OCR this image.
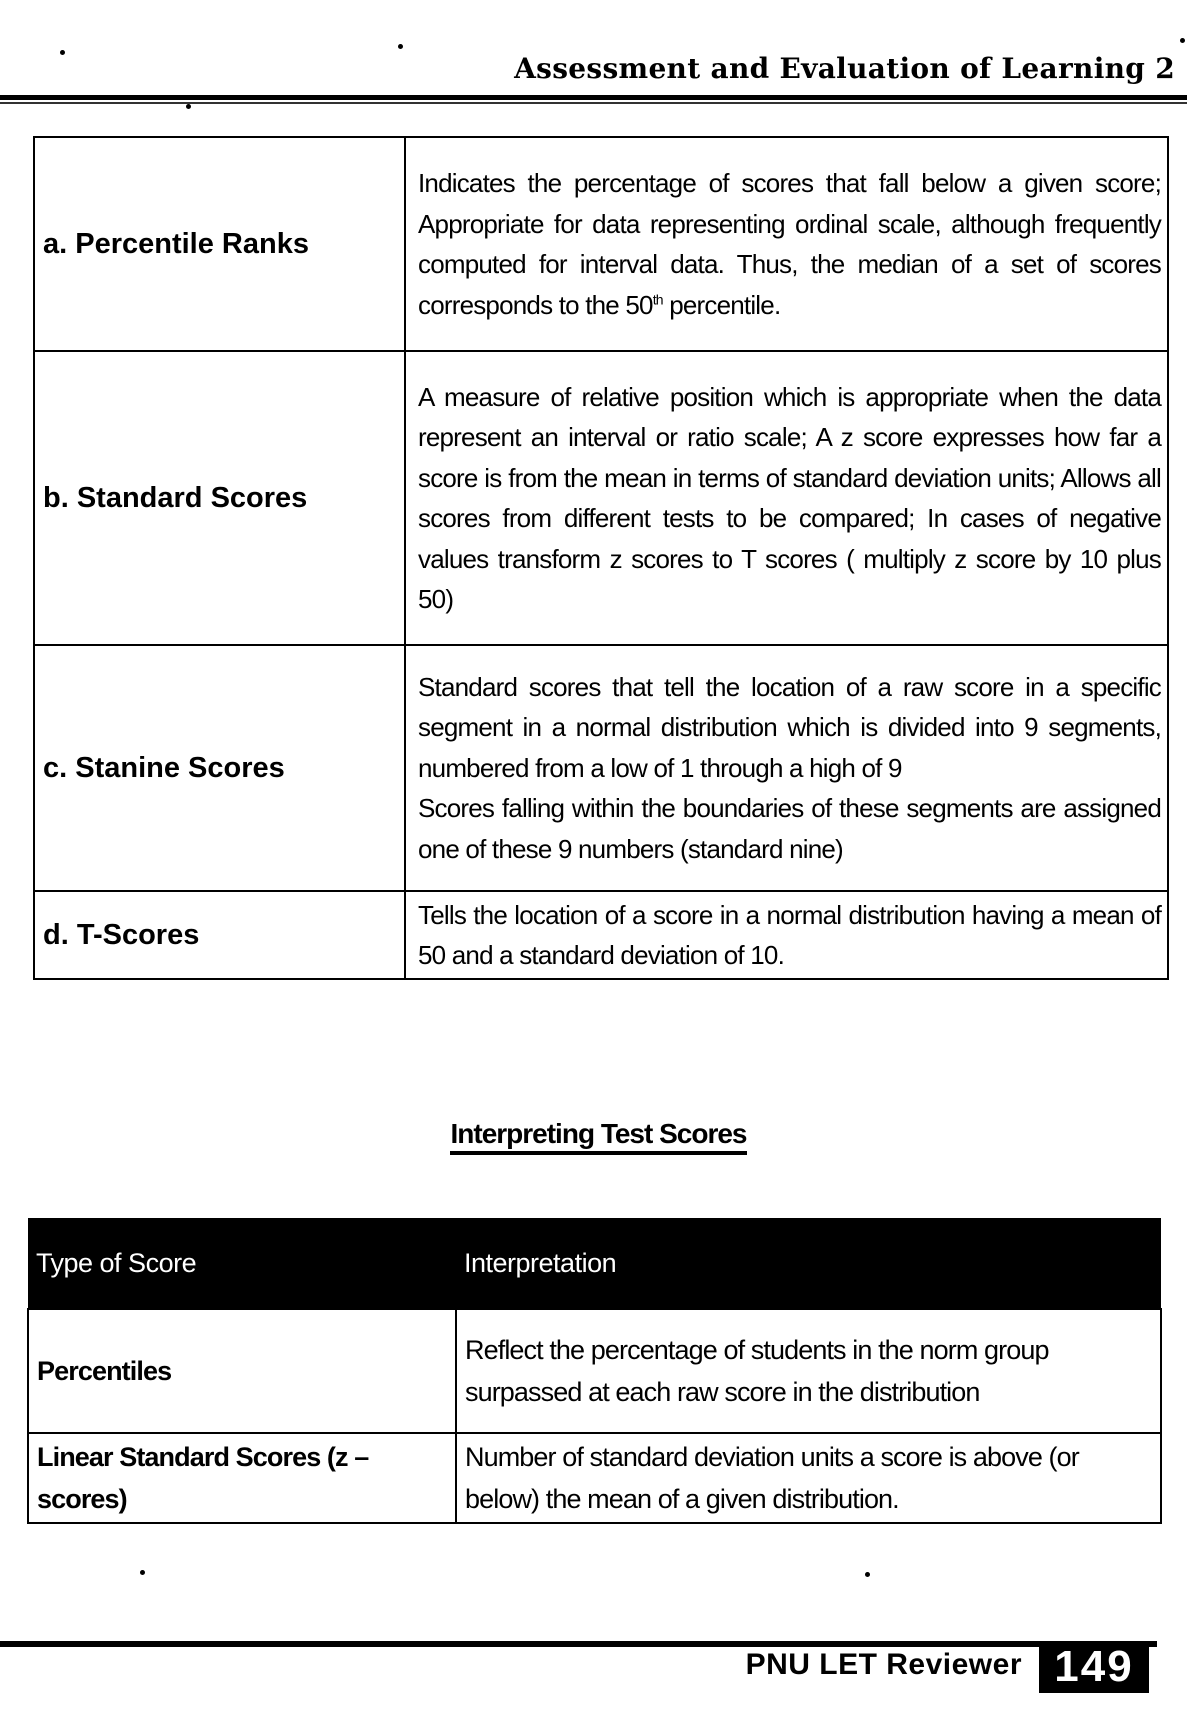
Assessment and Evaluation of Learning 2
a. Percentile Ranks	Indicates the percentage of scores that fall below a given score; Appropriate for data representing ordinal scale, although frequently computed for interval data. Thus, the median of a set of scores corresponds to the 50th percentile.
b. Standard Scores	A measure of relative position which is appropriate when the data represent an interval or ratio scale; A z score expresses how far a score is from the mean in terms of standard deviation units; Allows all scores from different tests to be compared; In cases of negative values transform z scores to T scores ( multiply z score by 10 plus 50)
c. Stanine Scores	Standard scores that tell the location of a raw score in a specific segment in a normal distribution which is divided into 9 segments, numbered from a low of 1 through a high of 9
Scores falling within the boundaries of these segments are assigned one of these 9 numbers (standard nine)

d. T-Scores	Tells the location of a score in a normal distribution having a mean of 50 and a standard deviation of 10.
Interpreting Test Scores
Type of Score	Interpretation
Percentiles	Reflect the percentage of students in the norm group surpassed at each raw score in the distribution
Linear Standard Scores (z – scores)	Number of standard deviation units a score is above (or below) the mean of a given distribution.
PNU LET Reviewer 149
